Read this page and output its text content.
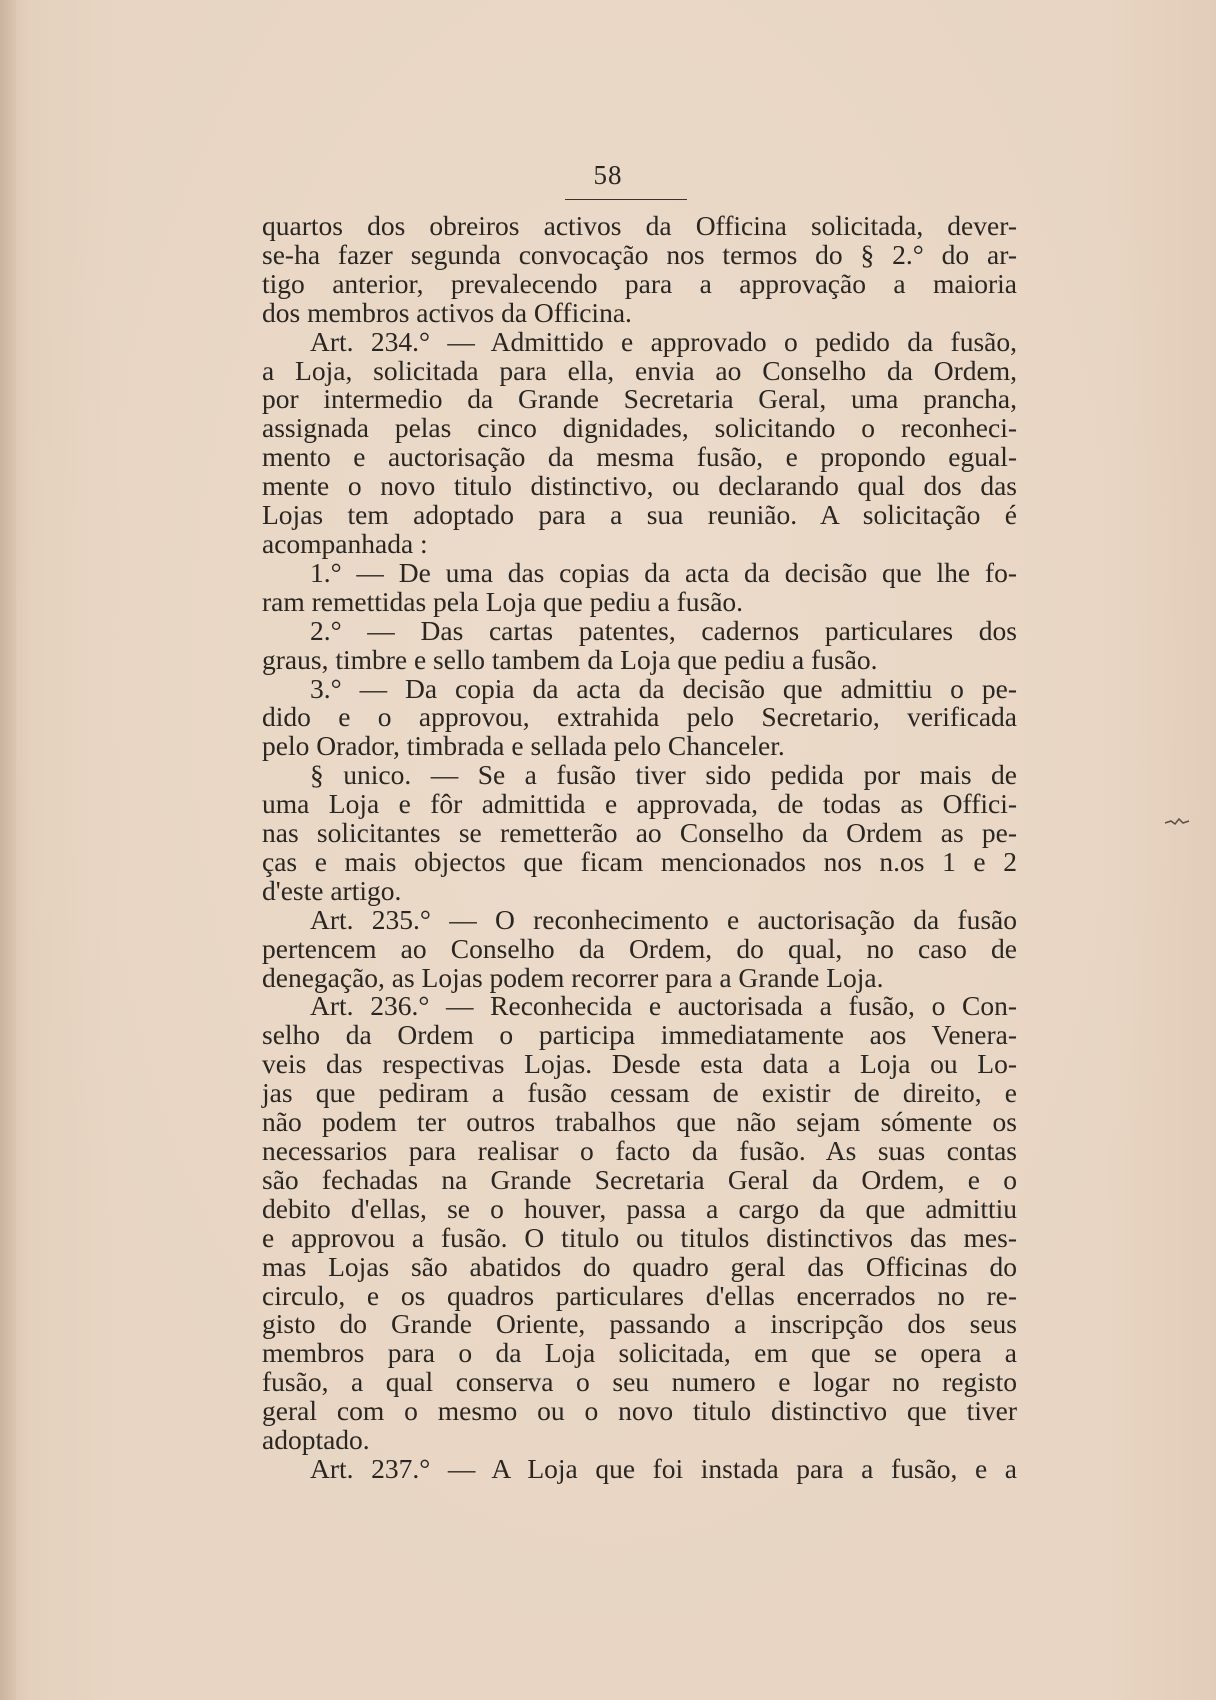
58
quartos dos obreiros activos da Officina solicitada, dever-
se-ha fazer segunda convocação nos termos do § 2.° do ar-
tigo anterior, prevalecendo para a approvação a maioria
dos membros activos da Officina.
Art. 234.° — Admittido e approvado o pedido da fusão,
a Loja, solicitada para ella, envia ao Conselho da Ordem,
por intermedio da Grande Secretaria Geral, uma prancha,
assignada pelas cinco dignidades, solicitando o reconheci-
mento e auctorisação da mesma fusão, e propondo egual-
mente o novo titulo distinctivo, ou declarando qual dos das
Lojas tem adoptado para a sua reunião. A solicitação é
acompanhada :
1.° — De uma das copias da acta da decisão que lhe fo-
ram remettidas pela Loja que pediu a fusão.
2.° — Das cartas patentes, cadernos particulares dos
graus, timbre e sello tambem da Loja que pediu a fusão.
3.° — Da copia da acta da decisão que admittiu o pe-
dido e o approvou, extrahida pelo Secretario, verificada
pelo Orador, timbrada e sellada pelo Chanceler.
§ unico. — Se a fusão tiver sido pedida por mais de
uma Loja e fôr admittida e approvada, de todas as Offici-
nas solicitantes se remetterão ao Conselho da Ordem as pe-
ças e mais objectos que ficam mencionados nos n.os 1 e 2
d'este artigo.
Art. 235.° — O reconhecimento e auctorisação da fusão
pertencem ao Conselho da Ordem, do qual, no caso de
denegação, as Lojas podem recorrer para a Grande Loja.
Art. 236.° — Reconhecida e auctorisada a fusão, o Con-
selho da Ordem o participa immediatamente aos Venera-
veis das respectivas Lojas. Desde esta data a Loja ou Lo-
jas que pediram a fusão cessam de existir de direito, e
não podem ter outros trabalhos que não sejam sómente os
necessarios para realisar o facto da fusão. As suas contas
são fechadas na Grande Secretaria Geral da Ordem, e o
debito d'ellas, se o houver, passa a cargo da que admittiu
e approvou a fusão. O titulo ou titulos distinctivos das mes-
mas Lojas são abatidos do quadro geral das Officinas do
circulo, e os quadros particulares d'ellas encerrados no re-
gisto do Grande Oriente, passando a inscripção dos seus
membros para o da Loja solicitada, em que se opera a
fusão, a qual conserva o seu numero e logar no registo
geral com o mesmo ou o novo titulo distinctivo que tiver
adoptado.
Art. 237.° — A Loja que foi instada para a fusão, e a
